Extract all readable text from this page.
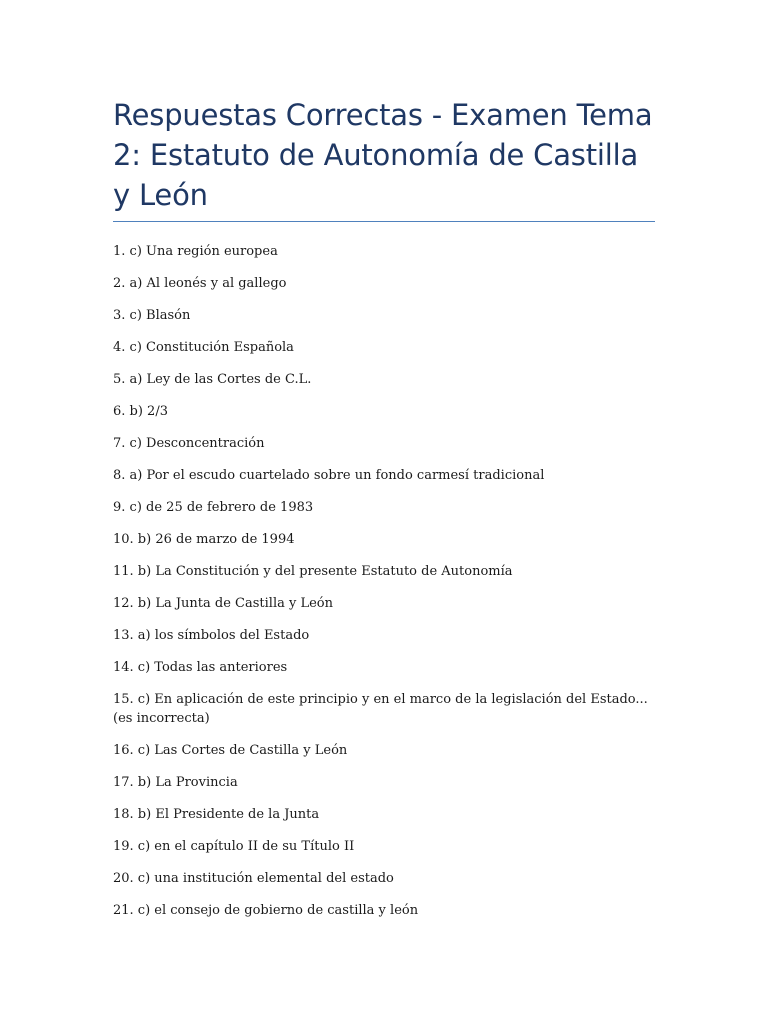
Respuestas Correctas - Examen Tema 2: Estatuto de Autonomía de Castilla y León

1. c) Una región europea

2. a) Al leonés y al gallego

3. c) Blasón

4. c) Constitución Española

5. a) Ley de las Cortes de C.L.

6. b) 2/3

7. c) Desconcentración

8. a) Por el escudo cuartelado sobre un fondo carmesí tradicional

9. c) de 25 de febrero de 1983

10. b) 26 de marzo de 1994

11. b) La Constitución y del presente Estatuto de Autonomía

12. b) La Junta de Castilla y León

13. a) los símbolos del Estado

14. c) Todas las anteriores

15. c) En aplicación de este principio y en el marco de la legislación del Estado... (es incorrecta)

16. c) Las Cortes de Castilla y León

17. b) La Provincia

18. b) El Presidente de la Junta

19. c) en el capítulo II de su Título II

20. c) una institución elemental del estado

21. c) el consejo de gobierno de castilla y león
